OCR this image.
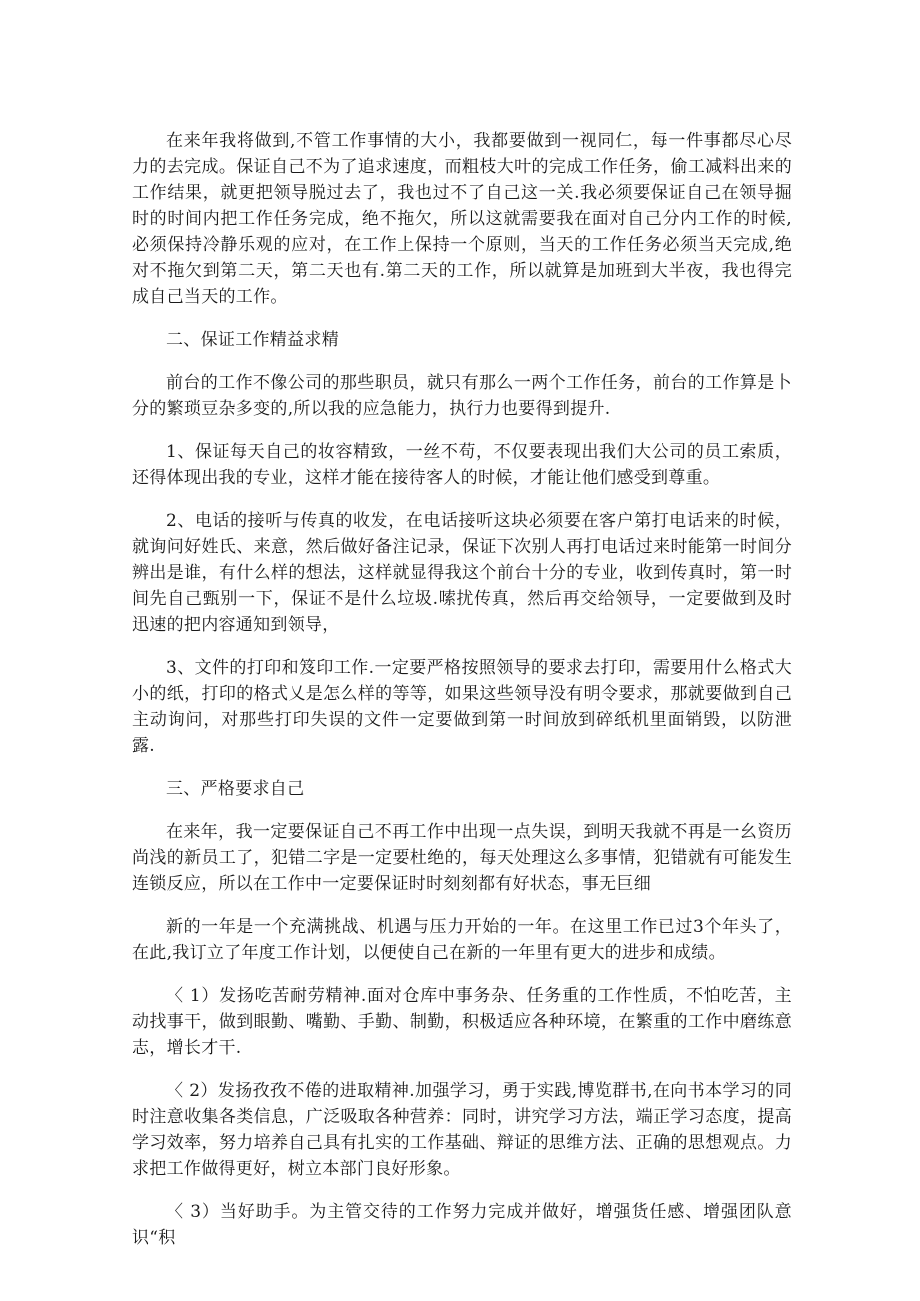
在来年我将做到,不管工作事情的大小，我都要做到一视同仁，每一件事都尽心尽力的去完成。保证自己不为了追求速度，而粗枝大叶的完成工作任务，偷工减料出来的工作结果，就更把领导脱过去了，我也过不了自己这一关.我必须要保证自己在领导掘时的时间内把工作任务完成，绝不拖欠，所以这就需要我在面对自己分内工作的时候,必须保持冷静乐观的应对，在工作上保持一个原则，当天的工作任务必须当天完成,绝对不拖欠到第二天，第二天也有.第二天的工作，所以就算是加班到大半夜，我也得完成自己当天的工作。

二、保证工作精益求精

前台的工作不像公司的那些职员，就只有那么一两个工作任务，前台的工作算是卜分的繁琐豆杂多变的,所以我的应急能力，执行力也要得到提升.

1、保证每天自己的妆容精致，一丝不苟，不仅要表现出我们大公司的员工索质，还得体现出我的专业，这样才能在接待客人的时候，才能让他们感受到尊重。

2、电话的接听与传真的收发，在电话接听这块必须要在客户第打电话来的时候，就询问好姓氏、来意，然后做好备注记录，保证下次别人再打电话过来时能第一时间分辨出是谁，有什么样的想法，这样就显得我这个前台十分的专业，收到传真时，第一时间先自己甄别一下，保证不是什么垃圾.嗦扰传真，然后再交给领导，一定要做到及时迅速的把内容通知到领导，

3、文件的打印和笈印工作.一定要严格按照领导的要求去打印，需要用什么格式大小的纸，打印的格式乂是怎么样的等等，如果这些领导没有明令要求，那就要做到自己主动询问，对那些打印失误的文件一定要做到第一时间放到碎纸机里面销毁，以防泄露.

三、严格要求自己

在来年，我一定要保证自己不再工作中出现一点失误，到明天我就不再是一幺资历尚浅的新员工了，犯错二字是一定要杜绝的，每天处理这么多事情，犯错就有可能发生连锁反应，所以在工作中一定要保证时时刻刻都有好状态，事无巨细

新的一年是一个充满挑战、机遇与压力开始的一年。在这里工作已过3个年头了，在此,我订立了年度工作计划，以便使自己在新的一年里有更大的进步和成绩。

〈 1）发扬吃苦耐劳精神.面对仓库中事务杂、任务重的工作性质，不怕吃苦，主动找事干，做到眼勤、嘴勤、手勤、制勤，积极适应各种环境，在繁重的工作中磨练意志，增长才干.

〈 2）发扬孜孜不倦的进取精神.加强学习，勇于实践,博览群书,在向书本学习的同时注意收集各类信息，广泛吸取各种营养：同时，讲究学习方法，端正学习态度，提高学习效率，努力培养自己具有扎实的工作基础、辩证的思维方法、正确的思想观点。力求把工作做得更好，树立本部门良好形象。

〈 3）当好助手。为主管交待的工作努力完成并做好，增强货任感、增强团队意识“积
